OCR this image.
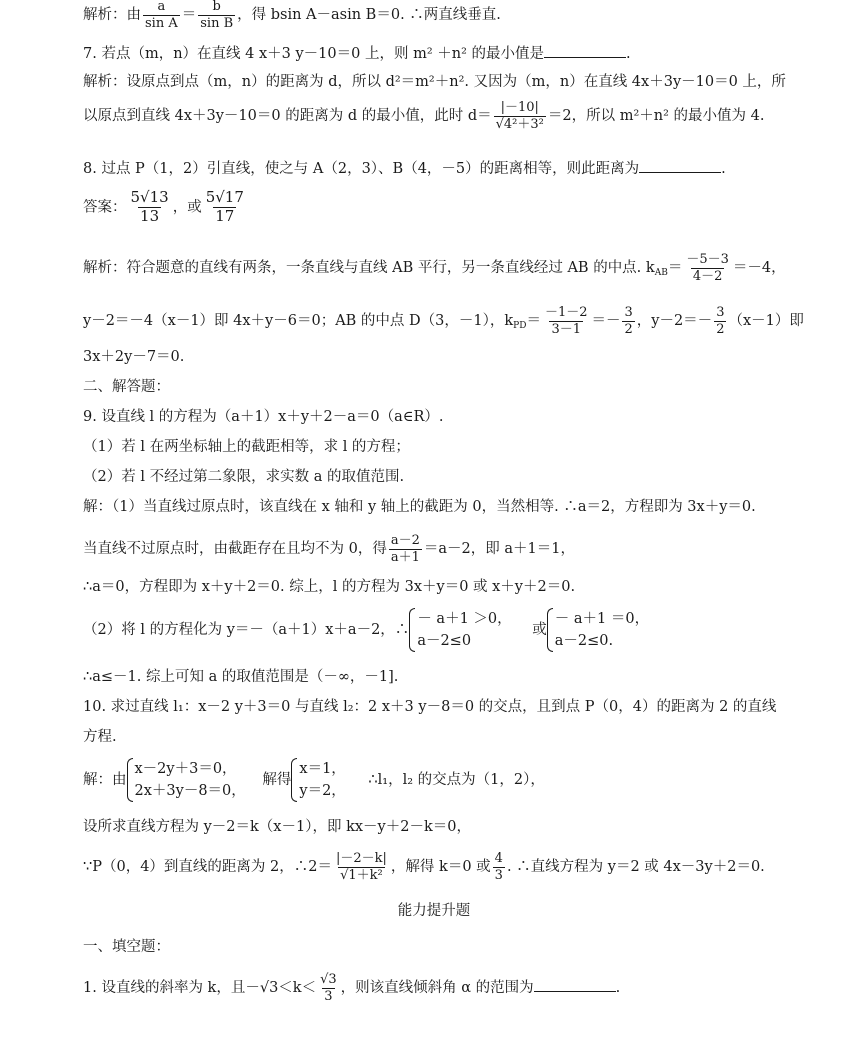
解析：由 $\frac{a}{\text{sin A}} = \frac{b}{\text{sin B}}$ ，得 bsin A－asin B＝0. ∴两直线垂直.
7. 若点（m，n）在直线 4 x＋3 y－10＝0 上，则 m² ＋n² 的最小值是	.
解析：设原点到点（m，n）的距离为 d，所以 d²＝m²＋n². 又因为（m，n）在直线 4x＋3y－10＝0 上，所
以原点到直线 4x＋3y－10＝0 的距离为 d 的最小值，此时 $d= \frac{|-10|}{\text{√4²＋3²}} =2$，所以 m²＋n² 的最小值为 4.
8. 过点 P（1，2）引直线，使之与 A（2，3）、B（4，－5）的距离相等，则此距离为	.
答案： $\frac{5√13}{13}$ ，或 $\frac{5√17}{17}$
解析：符合题意的直线有两条，一条直线与直线 AB 平行，另一条直线经过 AB 的中点. $k_{AB}= \frac{-5-3}{4-2} =-4$，
y－2＝－4（x－1）即 4x＋y－6＝0；AB 的中点 D（3，－1），$k_{PD}= \frac{-1-2}{3-1} =- \frac{3}{2}$ ，$y-2=- \frac{3}{2} (x-1)$即
3x＋2y－7＝0.
二、解答题：
9. 设直线 l 的方程为（a＋1）x＋y＋2－a＝0（a∈R）.
（1）若 l 在两坐标轴上的截距相等，求 l 的方程；
（2）若 l 不经过第二象限，求实数 a 的取值范围.
解：（1）当直线过原点时，该直线在 x 轴和 y 轴上的截距为 0，当然相等. ∴a＝2，方程即为 3x＋y＝0.
当直线不过原点时，由截距存在且均不为 0，得 $\frac{a-2}{a+1} =a-2$，即 a＋1＝1，
∴a＝0，方程即为 x＋y＋2＝0. 综上，l 的方程为 3x＋y＝0 或 x＋y＋2＝0.
（2）将 l 的方程化为 y＝－（a＋1）x＋a－2，∴
－ a＋1 ＞0，
a－2≤0
或
－ a＋1 ＝0，
a－2≤0.
∴a≤－1. 综上可知 a 的取值范围是（－∞，－1].
10. 求过直线 l₁：x－2 y＋3＝0 与直线 l₂：2 x＋3 y－8＝0 的交点，且到点 P（0，4）的距离为 2 的直线
方程.
解：由
x－2y＋3＝0，
2x＋3y－8＝0，
解得
x＝1，
y＝2，
∴l₁，l₂ 的交点为（1，2），
设所求直线方程为 y－2＝k（x－1），即 kx－y＋2－k＝0，
∵P（0，4）到直线的距离为 2，∴2＝ $\frac{|-2-k|}{\text{√1＋k²}}$ ，解得 k＝0 或 $\frac{4}{3}$ . ∴直线方程为 y＝2 或 4x－3y＋2＝0.
能力提升题
一、填空题：
1. 设直线的斜率为 k，且$-√3<k< \frac{√3}{3}$ ，则该直线倾斜角 α 的范围为	.
